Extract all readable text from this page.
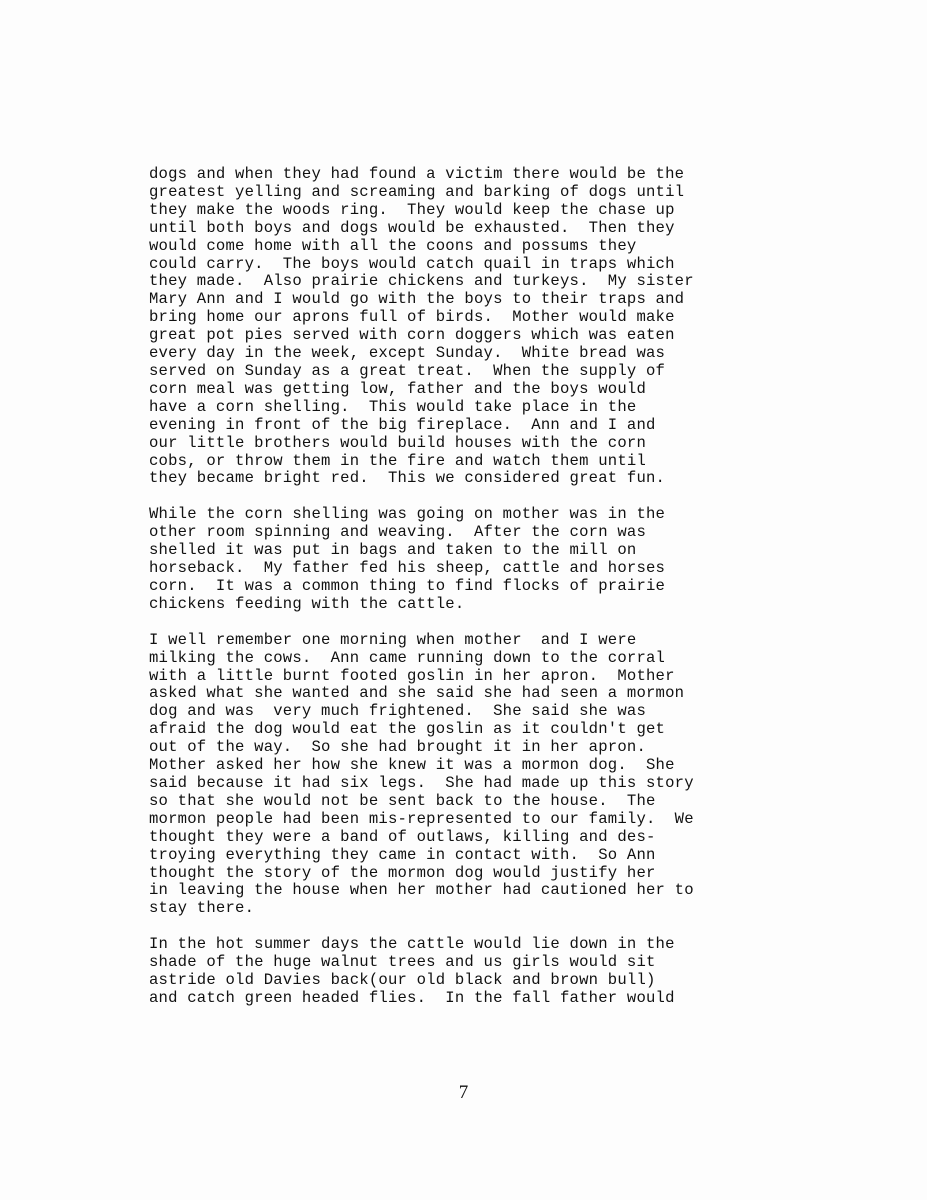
dogs and when they had found a victim there would be the
greatest yelling and screaming and barking of dogs until
they make the woods ring.  They would keep the chase up
until both boys and dogs would be exhausted.  Then they
would come home with all the coons and possums they
could carry.  The boys would catch quail in traps which
they made.  Also prairie chickens and turkeys.  My sister
Mary Ann and I would go with the boys to their traps and
bring home our aprons full of birds.  Mother would make
great pot pies served with corn doggers which was eaten
every day in the week, except Sunday.  White bread was
served on Sunday as a great treat.  When the supply of
corn meal was getting low, father and the boys would
have a corn shelling.  This would take place in the
evening in front of the big fireplace.  Ann and I and
our little brothers would build houses with the corn
cobs, or throw them in the fire and watch them until
they became bright red.  This we considered great fun.
While the corn shelling was going on mother was in the
other room spinning and weaving.  After the corn was
shelled it was put in bags and taken to the mill on
horseback.  My father fed his sheep, cattle and horses
corn.  It was a common thing to find flocks of prairie
chickens feeding with the cattle.
I well remember one morning when mother  and I were
milking the cows.  Ann came running down to the corral
with a little burnt footed goslin in her apron.  Mother
asked what she wanted and she said she had seen a mormon
dog and was  very much frightened.  She said she was
afraid the dog would eat the goslin as it couldn't get
out of the way.  So she had brought it in her apron.
Mother asked her how she knew it was a mormon dog.  She
said because it had six legs.  She had made up this story
so that she would not be sent back to the house.  The
mormon people had been mis-represented to our family.  We
thought they were a band of outlaws, killing and des-
troying everything they came in contact with.  So Ann
thought the story of the mormon dog would justify her
in leaving the house when her mother had cautioned her to
stay there.
In the hot summer days the cattle would lie down in the
shade of the huge walnut trees and us girls would sit
astride old Davies back(our old black and brown bull)
and catch green headed flies.  In the fall father would
7
